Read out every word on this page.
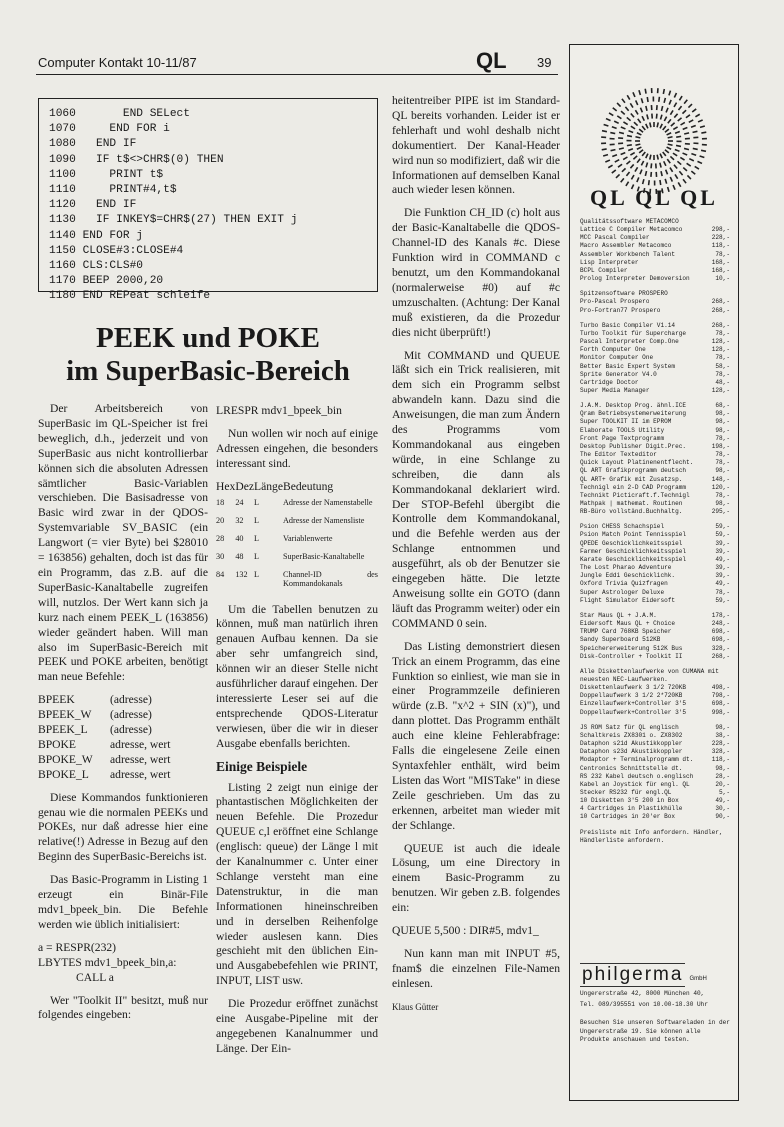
Computer Kontakt 10-11/87	QL 39
1060       END SELect
1070     END FOR i
1080   END IF
1090   IF t$<>CHR$(0) THEN
1100     PRINT t$
1110     PRINT#4,t$
1120   END IF
1130   IF INKEY$=CHR$(27) THEN EXIT j
1140 END FOR j
1150 CLOSE#3:CLOSE#4
1160 CLS:CLS#0
1170 BEEP 2000,20
1180 END REPeat schleife
PEEK und POKE
im SuperBasic-Bereich

Der Arbeitsbereich von SuperBasic im QL-Speicher ist frei beweglich, d.h., jederzeit und von SuperBasic aus nicht kontrollierbar können sich die absoluten Adressen sämtlicher Basic-Variablen verschieben. Die Basisadresse von Basic wird zwar in der QDOS-Systemvariable SV_BASIC (ein Langwort (= vier Byte) bei $28010 = 163856) gehalten, doch ist das für ein Programm, das z.B. auf die SuperBasic-Kanaltabelle zugreifen will, nutzlos. Der Wert kann sich ja kurz nach einem PEEK_L (163856) wieder geändert haben. Will man also im SuperBasic-Bereich mit PEEK und POKE arbeiten, benötigt man neue Befehle:

BPEEK	(adresse)
BPEEK_W	(adresse)
BPEEK_L	(adresse)
BPOKE	adresse, wert
BPOKE_W	adresse, wert
BPOKE_L	adresse, wert

Diese Kommandos funktionieren genau wie die normalen PEEKs und POKEs, nur daß adresse hier eine relative(!) Adresse in Bezug auf den Beginn des SuperBasic-Bereichs ist.

Das Basic-Programm in Listing 1 erzeugt ein Binär-File mdv1_bpeek_bin. Die Befehle werden wie üblich initialisiert:

a = RESPR(232)
LBYTES mdv1_bpeek_bin,a:
CALL a

Wer "Toolkit II" besitzt, muß nur folgendes eingeben:

LRESPR mdv1_bpeek_bin

Nun wollen wir noch auf einige Adressen eingehen, die besonders interessant sind.

Hex	Dez	Länge	Bedeutung
18	24	L	Adresse der Namenstabelle
20	32	L	Adresse der Namensliste
28	40	L	Variablenwerte
30	48	L	SuperBasic-Kanaltabelle
84	132	L	Channel-ID des Kommandokanals

Um die Tabellen benutzen zu können, muß man natürlich ihren genauen Aufbau kennen. Da sie aber sehr umfangreich sind, können wir an dieser Stelle nicht ausführlicher darauf eingehen. Der interessierte Leser sei auf die entsprechende QDOS-Literatur verwiesen, über die wir in dieser Ausgabe ebenfalls berichten.

Einige Beispiele

Listing 2 zeigt nun einige der phantastischen Möglichkeiten der neuen Befehle. Die Prozedur QUEUE c,l eröffnet eine Schlange (englisch: queue) der Länge l mit der Kanalnummer c. Unter einer Schlange versteht man eine Datenstruktur, in die man Informationen hineinschreiben und in derselben Reihenfolge wieder auslesen kann. Dies geschieht mit den üblichen Ein- und Ausgabebefehlen wie PRINT, INPUT, LIST usw.

Die Prozedur eröffnet zunächst eine Ausgabe-Pipeline mit der angegebenen Kanalnummer und Länge. Der Ein-

heitentreiber PIPE ist im Standard-QL bereits vorhanden. Leider ist er fehlerhaft und wohl deshalb nicht dokumentiert. Der Kanal-Header wird nun so modifiziert, daß wir die Informationen auf demselben Kanal auch wieder lesen können.

Die Funktion CH_ID (c) holt aus der Basic-Kanaltabelle die QDOS-Channel-ID des Kanals #c. Diese Funktion wird in COMMAND c benutzt, um den Kommandokanal (normalerweise #0) auf #c umzuschalten. (Achtung: Der Kanal muß existieren, da die Prozedur dies nicht überprüft!)

Mit COMMAND und QUEUE läßt sich ein Trick realisieren, mit dem sich ein Programm selbst abwandeln kann. Dazu sind die Anweisungen, die man zum Ändern des Programms vom Kommandokanal aus eingeben würde, in eine Schlange zu schreiben, die dann als Kommandokanal deklariert wird. Der STOP-Befehl übergibt die Kontrolle dem Kommandokanal, und die Befehle werden aus der Schlange entnommen und ausgeführt, als ob der Benutzer sie eingegeben hätte. Die letzte Anweisung sollte ein GOTO (dann läuft das Programm weiter) oder ein COMMAND 0 sein.

Das Listing demonstriert diesen Trick an einem Programm, das eine Funktion so einliest, wie man sie in einer Programmzeile definieren würde (z.B. "x^2 + SIN (x)"), und dann plottet. Das Programm enthält auch eine kleine Fehlerabfrage: Falls die eingelesene Zeile einen Syntaxfehler enthält, wird beim Listen das Wort "MISTake" in diese Zeile geschrieben. Um das zu erkennen, arbeitet man wieder mit der Schlange.

QUEUE ist auch die ideale Lösung, um eine Directory in einem Basic-Programm zu benutzen. Wir geben z.B. folgendes ein:

QUEUE 5,500 : DIR#5, mdv1_

Nun kann man mit INPUT #5, fnam$ die einzelnen File-Namen einlesen.

Klaus Gütter
QL QL QL
Qualitätssoftware METACOMCO
Lattice C Compiler Metacomco	298,-
MCC Pascal Compiler	228,-
Macro Assembler Metacomco	118,-
Assembler Workbench Talent	78,-
Lisp Interpreter	168,-
BCPL Compiler	168,-
Prolog Interpreter Demoversion	10,-
Spitzensoftware PROSPERO
Pro-Pascal Prospero	268,-
Pro-Fortran77 Prospero	268,-
Turbo Basic Compiler V1.14	268,-
Turbo Toolkit für Supercharge	78,-
Pascal Interpreter Comp.One	128,-
Forth Computer One	128,-
Monitor Computer One	78,-
Better Basic Expert System	58,-
Sprite Generator V4.0	78,-
Cartridge Doctor	48,-
Super Media Manager	128,-
J.A.M. Desktop Prog. ähnl.ICE	68,-
Qram Betriebsystemerweiterung	98,-
Super TOOLKIT II im EPROM	98,-
Elaborate TOOLS Utility	98,-
Front Page Textprogramm	78,-
Desktop Publisher Digit.Prec.	198,-
The Editor Texteditor	78,-
Quick Layout Platinenentflecht.	78,-
QL ART Grafikprogramm deutsch	98,-
QL ART+ Grafik mit Zusatzsp.	148,-
Technigl ein 2-D CAD Programm	120,-
Technikt Picticraft.f.Technigl	78,-
Mathpak | mathemat. Routinen	98,-
RB-Büro vollständ.Buchhaltg.	295,-
Psion CHESS Schachspiel	59,-
Psion Match Point Tennisspiel	59,-
QPEDE Geschicklichkeitsspiel	39,-
Farmer Geschicklichkeitsspiel	39,-
Karate Geschicklichkeitsspiel	49,-
The Lost Pharao Adventure	39,-
Jungle Eddi Geschicklichk.	39,-
Oxford Trivia Quizfragen	49,-
Super Astrologer Deluxe	78,-
Flight Simulator Eidersoft	59,-
Star Maus QL + J.A.M.	178,-
Eidersoft Maus QL + Choice	248,-
TRUMP Card 768KB Speicher	698,-
Sandy Superboard 512KB	698,-
Speichererweiterung 512K Bus	328,-
Disk-Controller + Toolkit II	268,-
Alle Diskettenlaufwerke von CUMANA mit neuesten NEC-Laufwerken.
Diskettenlaufwerk 3 1/2 720KB	498,-
Doppellaufwerk 3 1/2 2*720KB	798,-
Einzellaufwerk+Controller 3'5	698,-
Doppellaufwerk+Controller 3'5	998,-
JS ROM Satz für QL englisch	98,-
Schaltkreis ZX8301 o. ZX8302	38,-
Dataphon s21d Akustikkoppler	228,-
Dataphon s23d Akustikkoppler	328,-
Modaptor + Terminalprogramm dt.	118,-
Centronics Schnittstelle dt.	98,-
RS 232 Kabel deutsch o.englisch	28,-
Kabel an Joystick für engl. QL	20,-
Stecker RS232 für engl.QL	5,-
10 Disketten 3'5 200 in Box	49,-
4 Cartridges in Plastikhülle	30,-
10 Cartridges in 20'er Box	90,-
Preisliste mit Info anfordern. Händler, Händlerliste anfordern.
philgerma GmbH
Ungererstraße 42, 8000 München 40,
Tel. 089/395551 von 10.00-18.30 Uhr
Besuchen Sie unseren Softwareladen in der Ungererstraße 19. Sie können alle Produkte anschauen und testen.
